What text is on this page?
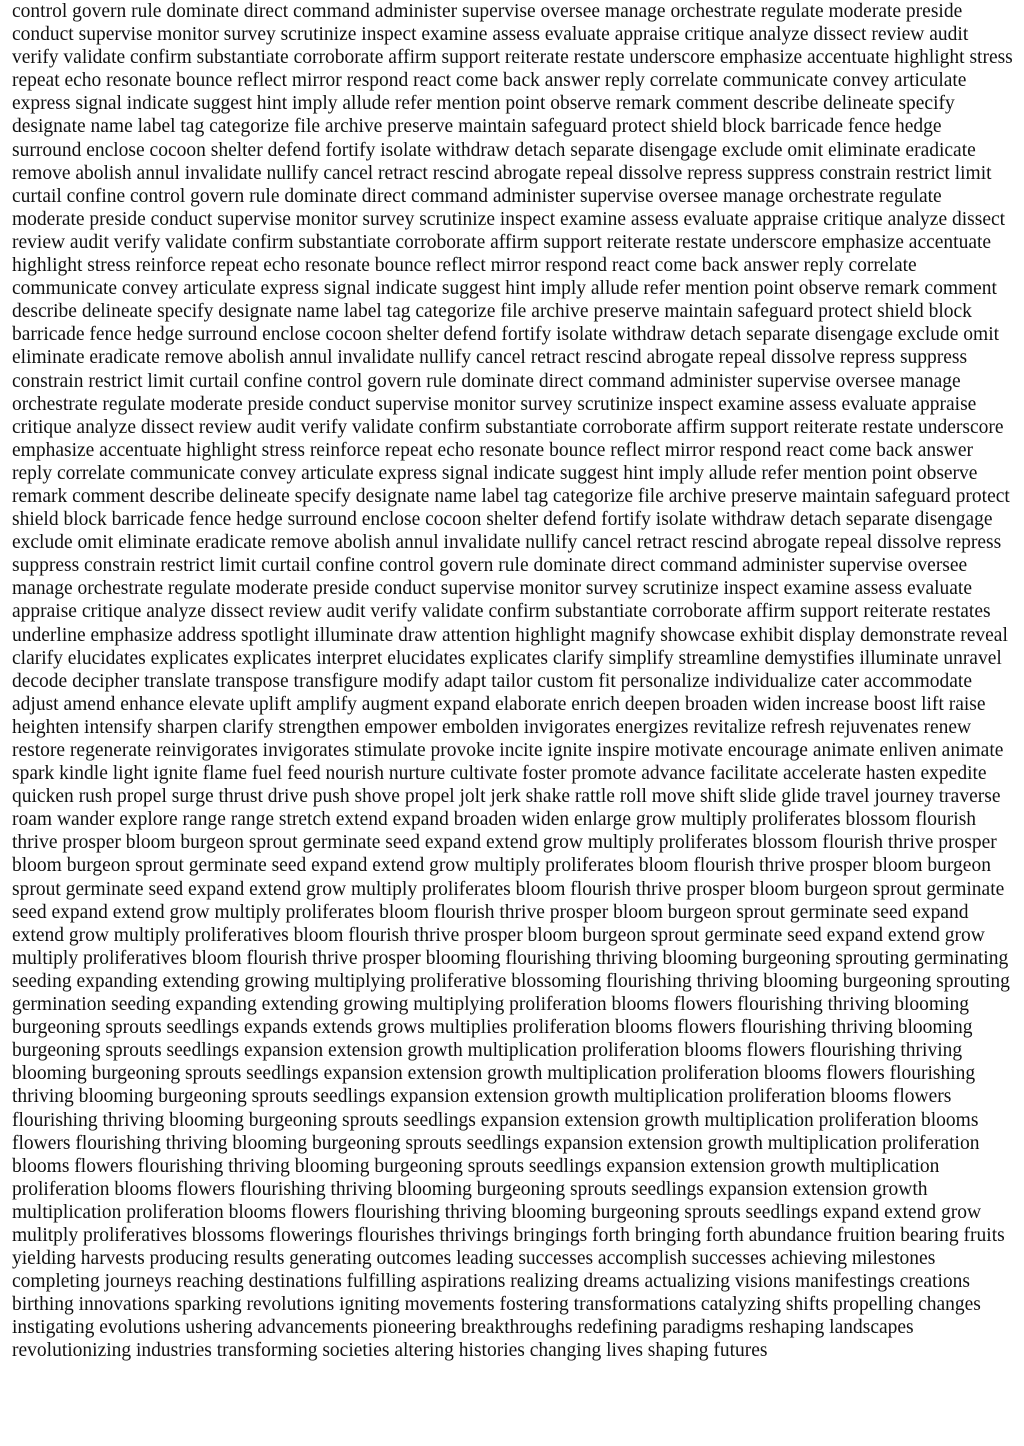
control govern rule dominate direct command administer supervise oversee manage orchestrate regulate moderate preside conduct supervise monitor survey scrutinize inspect examine assess evaluate appraise critique analyze dissect review audit verify validate confirm substantiate corroborate affirm support reiterate restate underscore emphasize accentuate highlight stress repeat echo resonate bounce reflect mirror respond react come back answer reply correlate communicate convey articulate express signal indicate suggest hint imply allude refer mention point observe remark comment describe delineate specify designate name label tag categorize file archive preserve maintain safeguard protect shield block barricade fence hedge surround enclose cocoon shelter defend fortify isolate withdraw detach separate disengage exclude omit eliminate eradicate remove abolish annul invalidate nullify cancel retract rescind abrogate repeal dissolve repress suppress constrain restrict limit curtail confine control govern rule dominate direct command administer supervise oversee manage orchestrate regulate moderate preside conduct supervise monitor survey scrutinize inspect examine assess evaluate appraise critique analyze dissect review audit verify validate confirm substantiate corroborate affirm support reiterate restate underscore emphasize accentuate highlight stress reinforce repeat echo resonate bounce reflect mirror respond react come back answer reply correlate communicate convey articulate express signal indicate suggest hint imply allude refer mention point observe remark comment describe delineate specify designate name label tag categorize file archive preserve maintain safeguard protect shield block barricade fence hedge surround enclose cocoon shelter defend fortify isolate withdraw detach separate disengage exclude omit eliminate eradicate remove abolish annul invalidate nullify cancel retract rescind abrogate repeal dissolve repress suppress constrain restrict limit curtail confine control govern rule dominate direct command administer supervise oversee manage orchestrate regulate moderate preside conduct supervise monitor survey scrutinize inspect examine assess evaluate appraise critique analyze dissect review audit verify validate confirm substantiate corroborate affirm support reiterate restate underscore emphasize accentuate highlight stress reinforce repeat echo resonate bounce reflect mirror respond react come back answer reply correlate communicate convey articulate express signal indicate suggest hint imply allude refer mention point observe remark comment describe delineate specify designate name label tag categorize file archive preserve maintain safeguard protect shield block barricade fence hedge surround enclose cocoon shelter defend fortify isolate withdraw detach separate disengage exclude omit eliminate eradicate remove abolish annul invalidate nullify cancel retract rescind abrogate repeal dissolve repress suppress constrain restrict limit curtail confine control govern rule dominate direct command administer supervise oversee manage orchestrate regulate moderate preside conduct supervise monitor survey scrutinize inspect examine assess evaluate appraise critique analyze dissect review audit verify validate confirm substantiate corroborate affirm support reiterate restates underline emphasize address spotlight illuminate draw attention highlight magnify showcase exhibit display demonstrate reveal clarify elucidates explicates explicates interpret elucidates explicates clarify simplify streamline demystifies illuminate unravel decode decipher translate transpose transfigure modify adapt tailor custom fit personalize individualize cater accommodate adjust amend enhance elevate uplift amplify augment expand elaborate enrich deepen broaden widen increase boost lift raise heighten intensify sharpen clarify strengthen empower embolden invigorates energizes revitalize refresh rejuvenates renew restore regenerate reinvigorates invigorates stimulate provoke incite ignite inspire motivate encourage animate enliven animate spark kindle light ignite flame fuel feed nourish nurture cultivate foster promote advance facilitate accelerate hasten expedite quicken rush propel surge thrust drive push shove propel jolt jerk shake rattle roll move shift slide glide travel journey traverse roam wander explore range range stretch extend expand broaden widen enlarge grow multiply proliferates blossom flourish thrive prosper bloom burgeon sprout germinate seed expand extend grow multiply proliferates blossom flourish thrive prosper bloom burgeon sprout germinate seed expand extend grow multiply proliferates bloom flourish thrive prosper bloom burgeon sprout germinate seed expand extend grow multiply proliferates bloom flourish thrive prosper bloom burgeon sprout germinate seed expand extend grow multiply proliferates bloom flourish thrive prosper bloom burgeon sprout germinate seed expand extend grow multiply proliferatives bloom flourish thrive prosper bloom burgeon sprout germinate seed expand extend grow multiply proliferatives bloom flourish thrive prosper blooming flourishing thriving blooming burgeoning sprouting germinating seeding expanding extending growing multiplying proliferative blossoming flourishing thriving blooming burgeoning sprouting germination seeding expanding extending growing multiplying proliferation blooms flowers flourishing thriving blooming burgeoning sprouts seedlings expands extends grows multiplies proliferation blooms flowers flourishing thriving blooming burgeoning sprouts seedlings expansion extension growth multiplication proliferation blooms flowers flourishing thriving blooming burgeoning sprouts seedlings expansion extension growth multiplication proliferation blooms flowers flourishing thriving blooming burgeoning sprouts seedlings expansion extension growth multiplication proliferation blooms flowers flourishing thriving blooming burgeoning sprouts seedlings expansion extension growth multiplication proliferation blooms flowers flourishing thriving blooming burgeoning sprouts seedlings expansion extension growth multiplication proliferation blooms flowers flourishing thriving blooming burgeoning sprouts seedlings expansion extension growth multiplication proliferation blooms flowers flourishing thriving blooming burgeoning sprouts seedlings expansion extension growth multiplication proliferation blooms flowers flourishing thriving blooming burgeoning sprouts seedlings expand extend grow mulitply proliferatives blossoms flowerings flourishes thrivings bringings forth bringing forth abundance fruition bearing fruits yielding harvests producing results generating outcomes leading successes accomplish successes achieving milestones completing journeys reaching destinations fulfilling aspirations realizing dreams actualizing visions manifestings creations birthing innovations sparking revolutions igniting movements fostering transformations catalyzing shifts propelling changes instigating evolutions ushering advancements pioneering breakthroughs redefining paradigms reshaping landscapes revolutionizing industries transforming societies altering histories changing lives shaping futures
